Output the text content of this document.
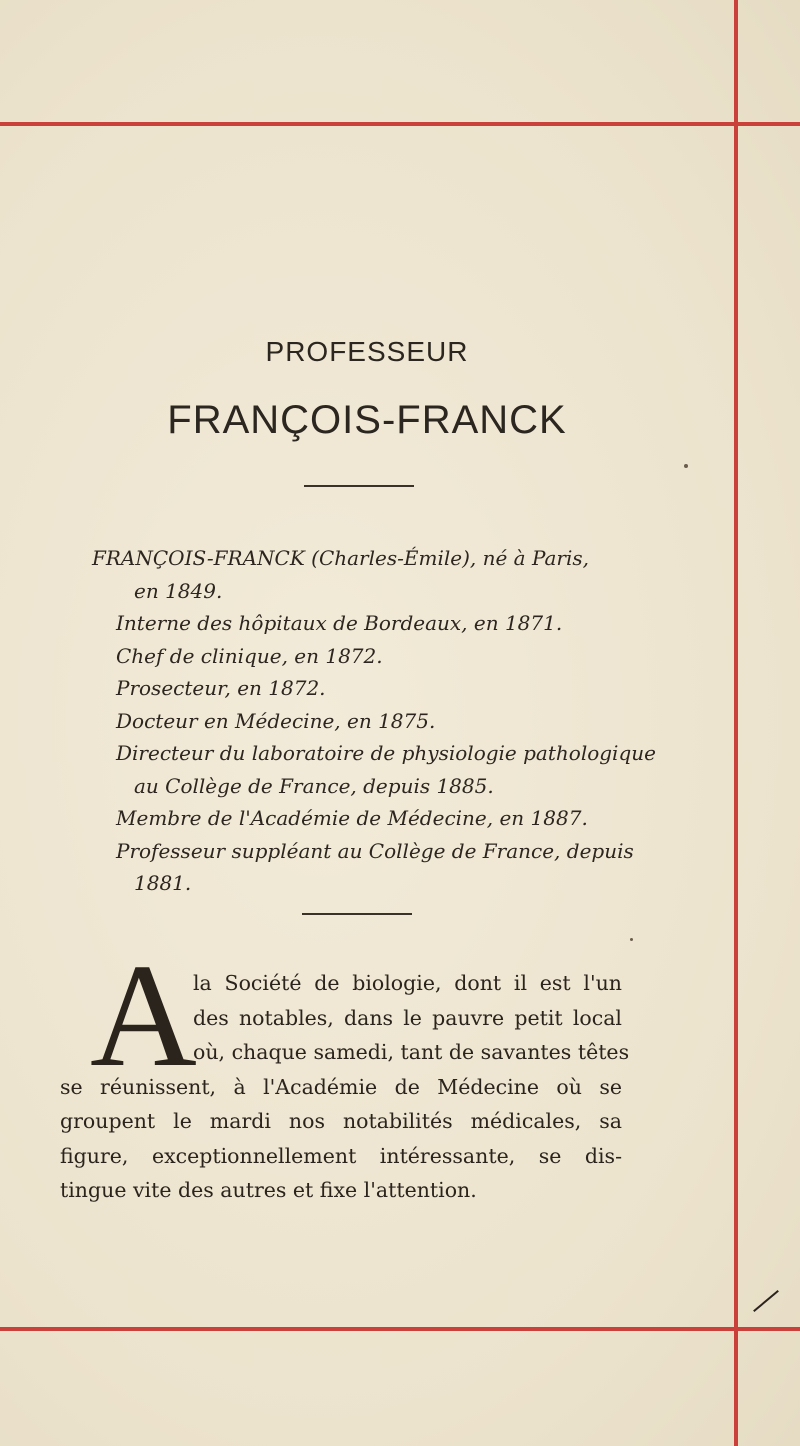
PROFESSEUR
FRANÇOIS-FRANCK
FRANÇOIS-FRANCK (Charles-Émile), né à Paris,
en 1849.
Interne des hôpitaux de Bordeaux, en 1871.
Chef de clinique, en 1872.
Prosecteur, en 1872.
Docteur en Médecine, en 1875.
Directeur du laboratoire de physiologie pathologique
au Collège de France, depuis 1885.
Membre de l'Académie de Médecine, en 1887.
Professeur suppléant au Collège de France, depuis
1881.
A
la Société de biologie, dont il est l'un
des notables, dans le pauvre petit local
où, chaque samedi, tant de savantes têtes
se réunissent, à l'Académie de Médecine où se
groupent le mardi nos notabilités médicales, sa
figure, exceptionnellement intéressante, se dis-
tingue vite des autres et fixe l'attention.
